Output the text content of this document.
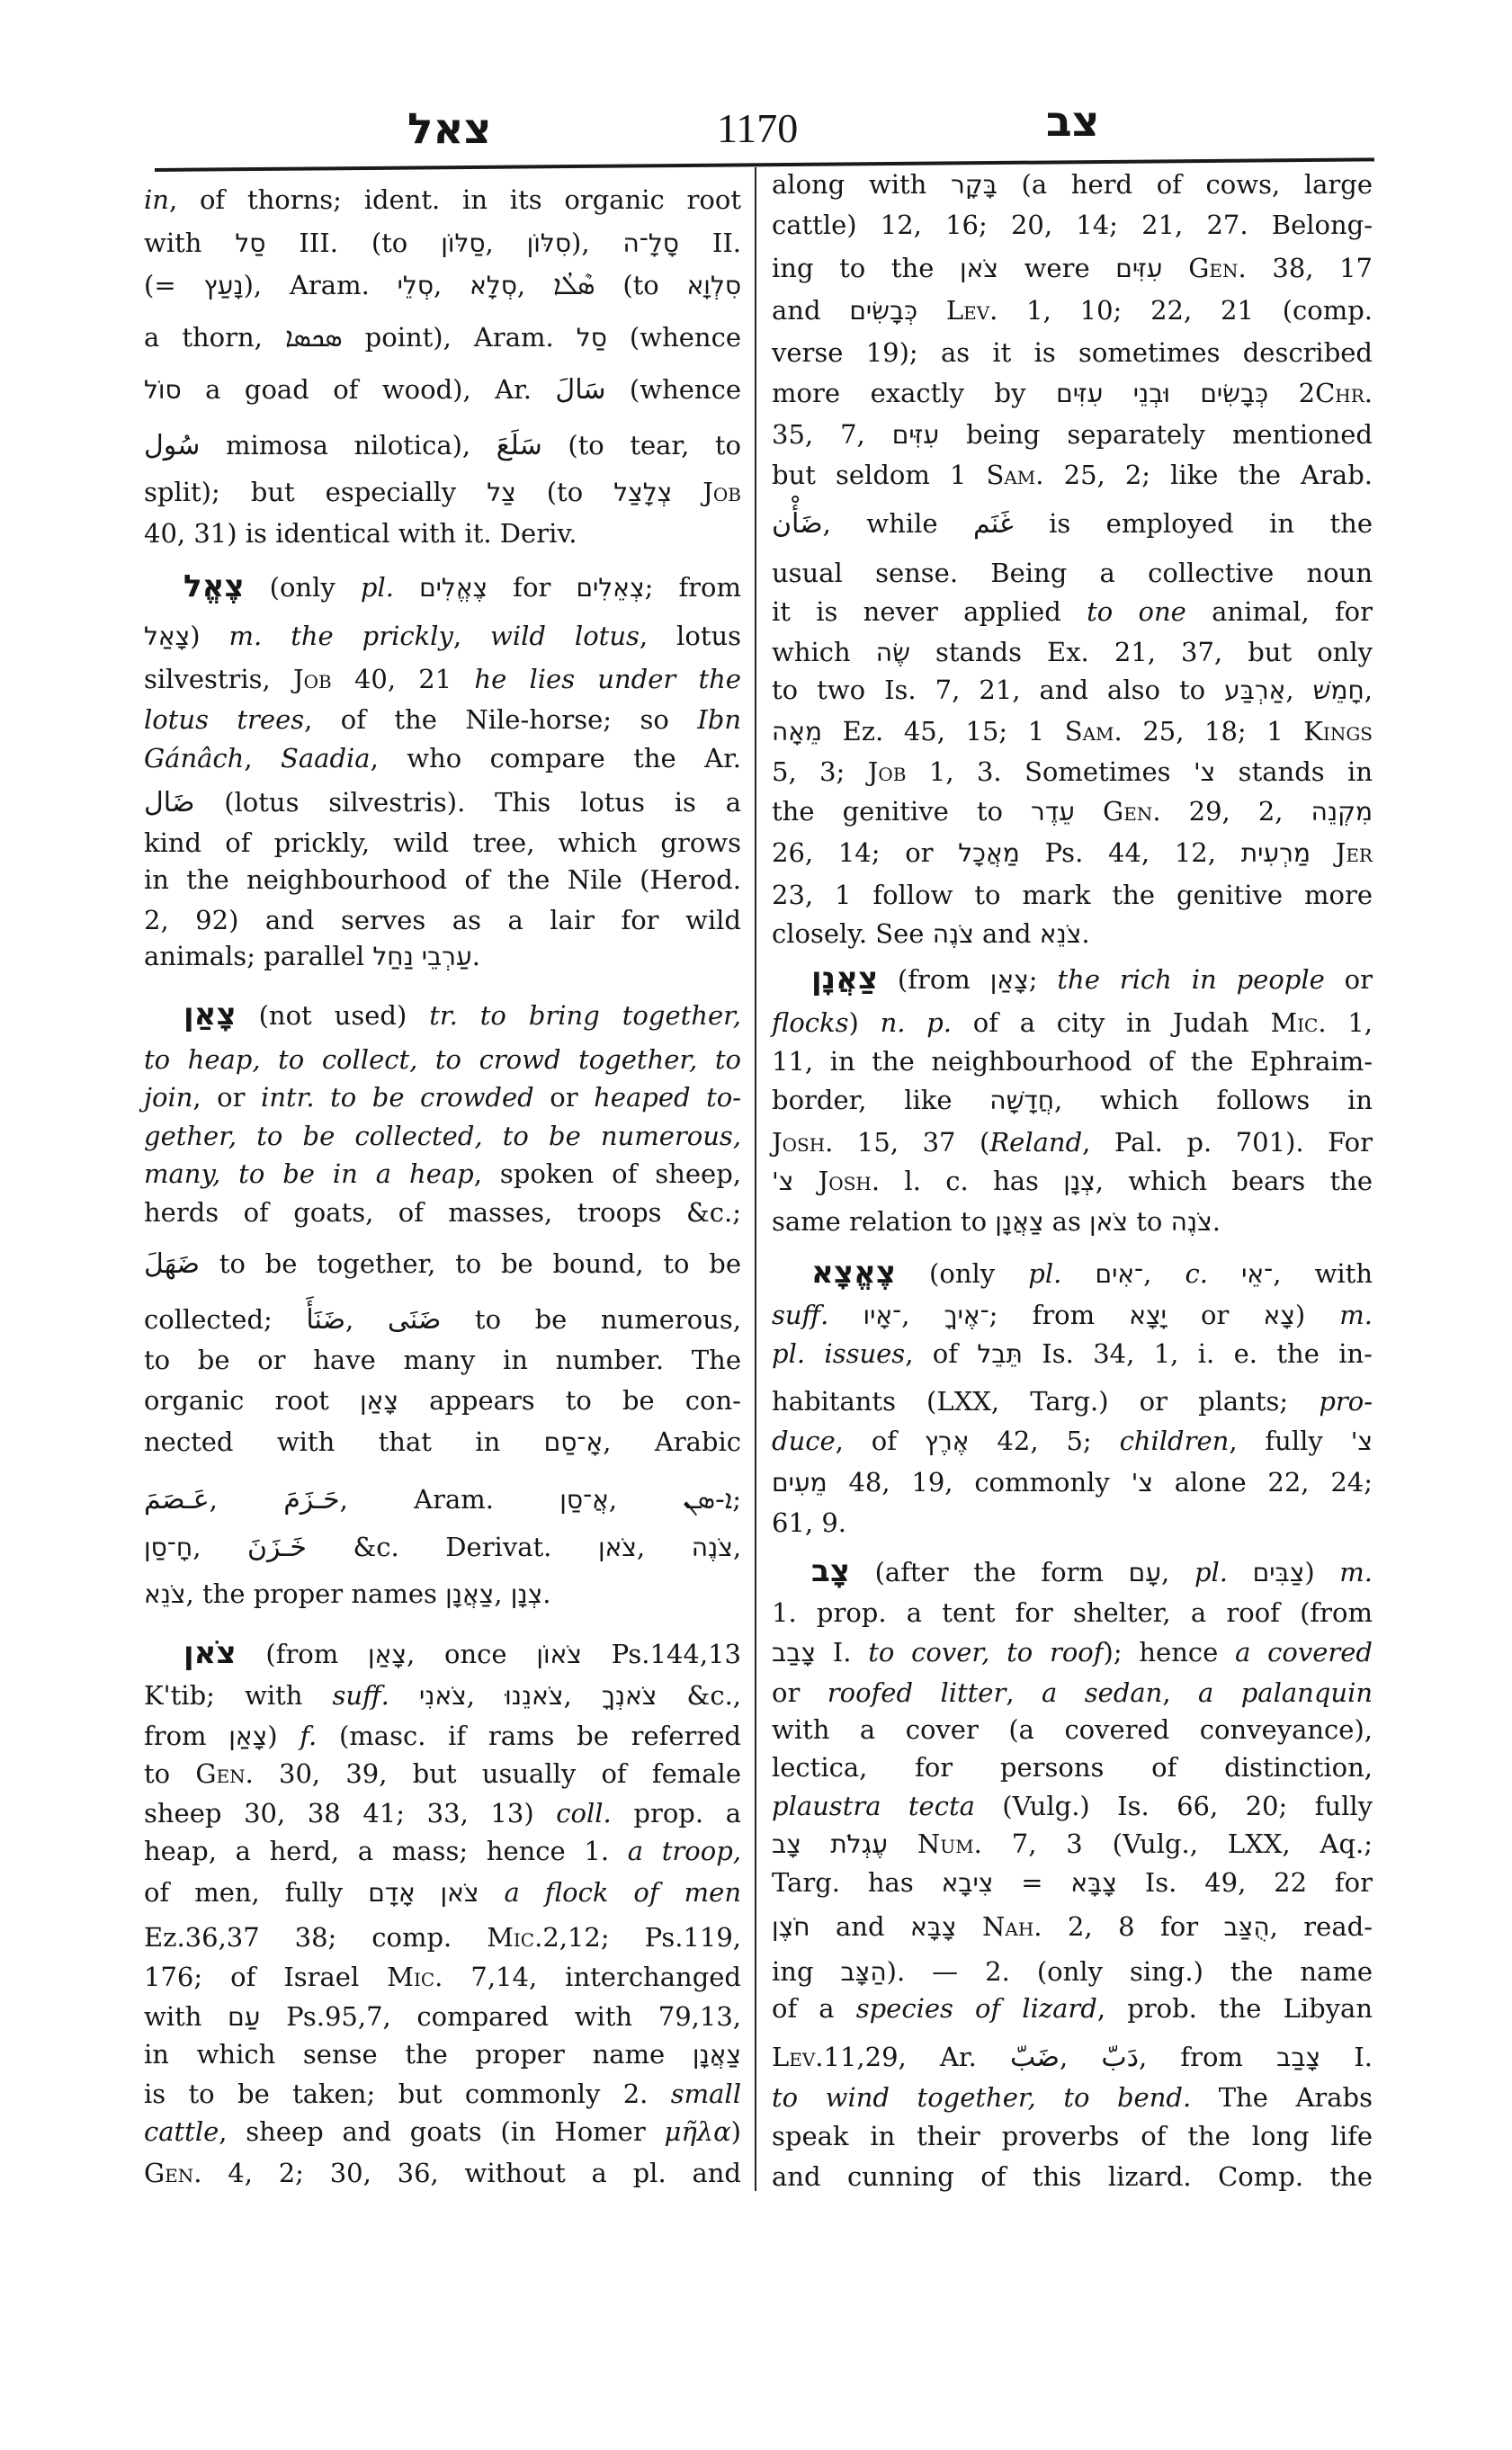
צאל	1170	צב
in, of thorns; ident. in its organic root
with סַל III. (to סַלּוֹן, סִלּוֹן), סָלָ־ה II.
(= נָעַץ), Aram. סְלֵי, סְלָא, ܣܶܠܳܐ (to סִלְוָא
a thorn, ܣܟܣܐ point), Aram. סַל (whence
סוֹל a goad of wood), Ar. سَالَ (whence
سُول mimosa nilotica), سَلَعَ (to tear, to
split); but especially צַל (to צְלָצַל Job
40, 31) is identical with it. Deriv.
צֶאֱל (only pl. צֶאֱלִים for צְאֵלִים; from
צָאַל) m. the prickly, wild lotus, lotus
silvestris, Job 40, 21 he lies under the
lotus trees, of the Nile-horse; so Ibn
Gánâch, Saadia, who compare the Ar.
ضَال (lotus silvestris). This lotus is a
kind of prickly, wild tree, which grows
in the neighbourhood of the Nile (Herod.
2, 92) and serves as a lair for wild
animals; parallel עַרְבֵי נַחַל.
צָאַן (not used) tr. to bring together,
to heap, to collect, to crowd together, to
join, or intr. to be crowded or heaped to-
gether, to be collected, to be numerous,
many, to be in a heap, spoken of sheep,
herds of goats, of masses, troops &c.;
ضَهَلَ to be together, to be bound, to be
collected; ضَنَأَ, ضَنَى to be numerous,
to be or have many in number. The
organic root צָאַן appears to be con-
nected with that in אָ־סַם, Arabic
عَـصَمَ, حَـزَمَ, Aram. אֲ־סַן, ܐ-ܣܢ;
חָ־סַן, خَـزَنَ &c. Derivat. צֹאן, צֹנֶה,
צֹנֵא, the proper names צַאֲנָן, צְנָן.
צֹאן (from צָאַן, once צֹאוֹן Ps.144,13
K'tib; with suff. צֹאנִי, צֹאנֵנוּ, צֹאנְךָ &c.,
from צָאַן) f. (masc. if rams be referred
to Gen. 30, 39, but usually of female
sheep 30, 38 41; 33, 13) coll. prop. a
heap, a herd, a mass; hence 1. a troop,
of men, fully צֹאן אָדָם a flock of men
Ez.36,37 38; comp. Mic.2,12; Ps.119,
176; of Israel Mic. 7,14, interchanged
with עַם Ps.95,7, compared with 79,13,
in which sense the proper name צַאֲנָן
is to be taken; but commonly 2. small
cattle, sheep and goats (in Homer μῆλα)
Gen. 4, 2; 30, 36, without a pl. and
along with בָּקָר (a herd of cows, large
cattle) 12, 16; 20, 14; 21, 27. Belong-
ing to the צֹאן were עִזִּים Gen. 38, 17
and כְּבָשִׂים Lev. 1, 10; 22, 21 (comp.
verse 19); as it is sometimes described
more exactly by כְּבָשִׂים וּבְנֵי עִזִּים 2Chr.
35, 7, עִזִּים being separately mentioned
but seldom 1 Sam. 25, 2; like the Arab.
ضَأْن, while غَنَم is employed in the
usual sense. Being a collective noun
it is never applied to one animal, for
which שֶׂה stands Ex. 21, 37, but only
to two Is. 7, 21, and also to אַרְבַּע, חָמֵשׁ,
מֵאָה Ez. 45, 15; 1 Sam. 25, 18; 1 Kings
5, 3; Job 1, 3. Sometimes צ' stands in
the genitive to עֵדֶר Gen. 29, 2, מִקְנֵה
26, 14; or מַאֲכָל Ps. 44, 12, מַרְעִית Jer
23, 1 follow to mark the genitive more
closely. See צֹנֶה and צֹנֵא.
צַאֲנָן (from צָאַן; the rich in people or
flocks) n. p. of a city in Judah Mic. 1,
11, in the neighbourhood of the Ephraim-
border, like חֲדָשָׁה, which follows in
Josh. 15, 37 (Reland, Pal. p. 701). For
צ' Josh. l. c. has צְנָן, which bears the
same relation to צַאֲנָן as צֹאן to צֹנֶה.
צֶאֱצָא (only pl. ־אִים, c. ־אֵי, with
suff. ־אָיו, ־אֶיךָ; from יָצָא or צָא) m.
pl. issues, of תֵּבֵל Is. 34, 1, i. e. the in-
habitants (LXX, Targ.) or plants; pro-
duce, of אֶרֶץ 42, 5; children, fully צ'
מֵעִים 48, 19, commonly צ' alone 22, 24;
61, 9.
צָב (after the form עָם, pl. צַבִּים) m.
1. prop. a tent for shelter, a roof (from
צָבַב I. to cover, to roof); hence a covered
or roofed litter, a sedan, a palanquin
with a cover (a covered conveyance),
lectica, for persons of distinction,
plaustra tecta (Vulg.) Is. 66, 20; fully
עֶגְלֹת צָב Num. 7, 3 (Vulg., LXX, Aq.;
Targ. has צִיבָא = צָבָּא Is. 49, 22 for
חֹצֶן and צָבָּא Nah. 2, 8 for הֻצַּב, read-
ing הַצָּב). — 2. (only sing.) the name
of a species of lizard, prob. the Libyan
Lev.11,29, Ar. ضَبّ, دَبّ, from צָבַב I.
to wind together, to bend. The Arabs
speak in their proverbs of the long life
and cunning of this lizard. Comp. the
